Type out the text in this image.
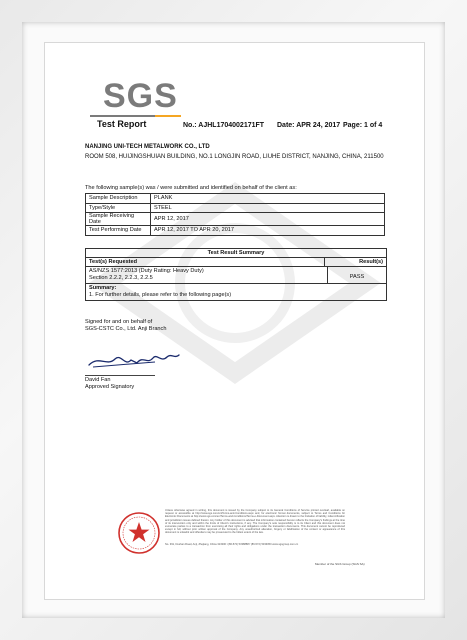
SGS
Test Report	No.: AJHL1704002171FT Date: APR 24, 2017 Page: 1 of 4
NANJING UNI-TECH METALWORK CO., LTD
ROOM 508, HUIJINGSHUIAN BUILDING, NO.1 LONGJIN ROAD, LIUHE DISTRICT, NANJING, CHINA, 211500
The following sample(s) was / were submitted and identified on behalf of the client as:
Sample Description	PLANK
Type/Style	STEEL
Sample Receiving Date	APR 12, 2017
Test Performing Date	APR 12, 2017 TO APR 20, 2017
Test Result Summary
Test(s) Requested	Result(s)
AS/NZS 1577:2013 (Duty Rating: Heavy Duty)
Section 2.2.2, 2.2.3, 2.2.5	PASS
Summary:
1. For further details, please refer to the following page(s)
Signed for and on behalf of
SGS-CSTC Co., Ltd. Anji Branch
David Fan
Approved Signatory
Unless otherwise agreed in writing, this document is issued by the Company subject to its General Conditions of Service printed overleaf, available on request or accessible at http://www.sgs.com/en/Terms-and-Conditions.aspx and, for electronic format documents, subject to Terms and Conditions for Electronic Documents at http://www.sgs.com/en/Terms-and-Conditions/Terms-e-Document.aspx. Attention is drawn to the limitation of liability, indemnification and jurisdiction issues defined therein. Any holder of this document is advised that information contained hereon reflects the Company's findings at the time of its intervention only and within the limits of Client's instructions, if any. The Company's sole responsibility is to its Client and this document does not exonerate parties to a transaction from exercising all their rights and obligations under the transaction documents. This document cannot be reproduced except in full, without prior written approval of the Company. Any unauthorized alteration, forgery or falsification of the content or appearance of this document is unlawful and offenders may be prosecuted to the fullest extent of the law.
No. 391, Dushan Road, Anji, Zhejiang, China 313300 t (86-572) 5338888 f (86-572) 5333050 www.sgsgroup.com.cn
Member of the SGS Group (SGS SA)
